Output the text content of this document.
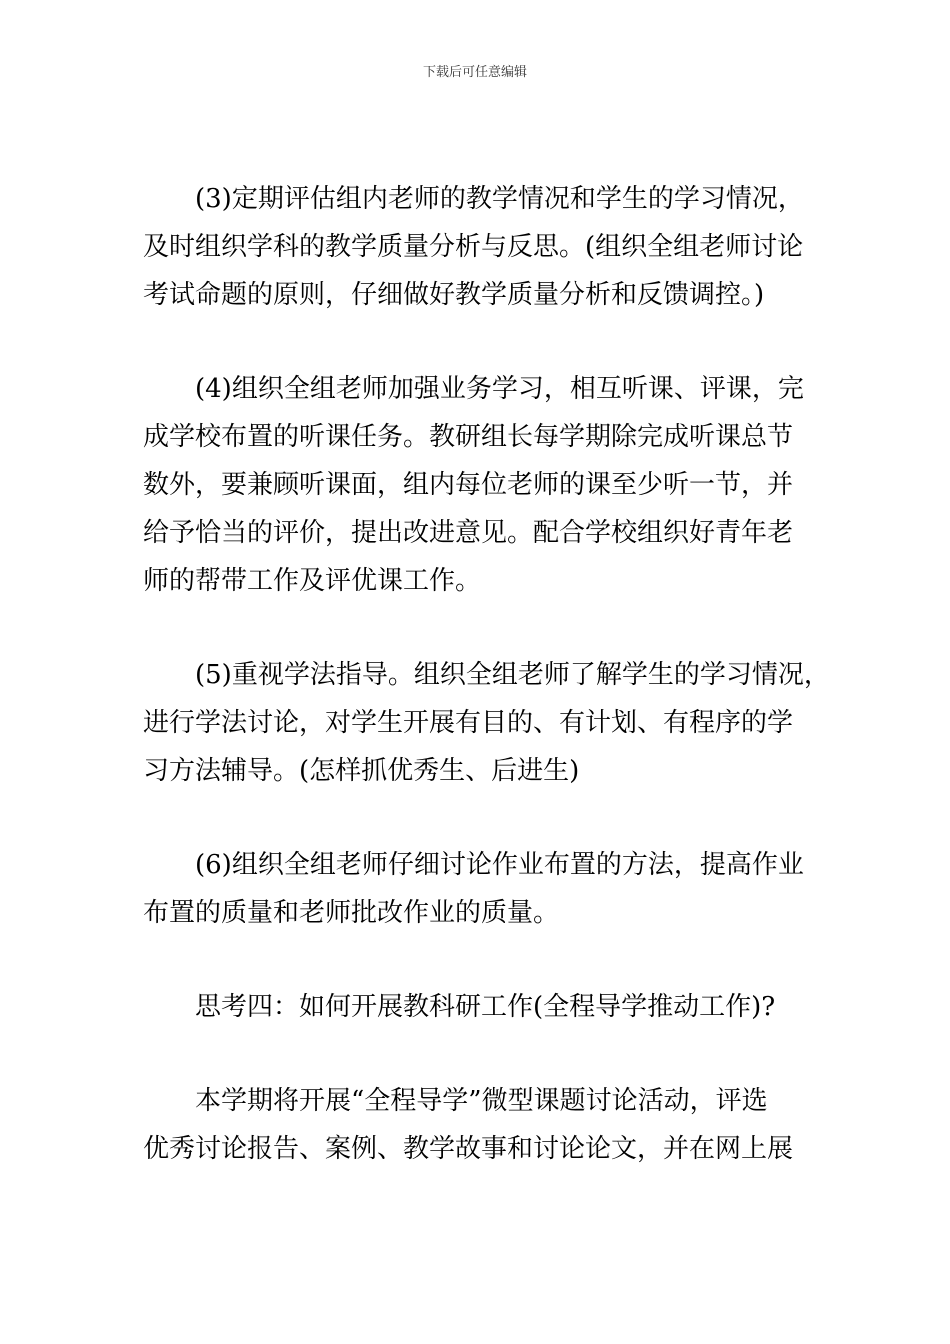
下载后可任意编辑

(3)定期评估组内老师的教学情况和学生的学习情况，
及时组织学科的教学质量分析与反思。(组织全组老师讨论
考试命题的原则，仔细做好教学质量分析和反馈调控。)

(4)组织全组老师加强业务学习，相互听课、评课，完
成学校布置的听课任务。教研组长每学期除完成听课总节
数外，要兼顾听课面，组内每位老师的课至少听一节，并
给予恰当的评价，提出改进意见。配合学校组织好青年老
师的帮带工作及评优课工作。

(5)重视学法指导。组织全组老师了解学生的学习情况，
进行学法讨论，对学生开展有目的、有计划、有程序的学
习方法辅导。(怎样抓优秀生、后进生)

(6)组织全组老师仔细讨论作业布置的方法，提高作业
布置的质量和老师批改作业的质量。

思考四：如何开展教科研工作(全程导学推动工作)?

本学期将开展“全程导学”微型课题讨论活动，评选
优秀讨论报告、案例、教学故事和讨论论文，并在网上展
